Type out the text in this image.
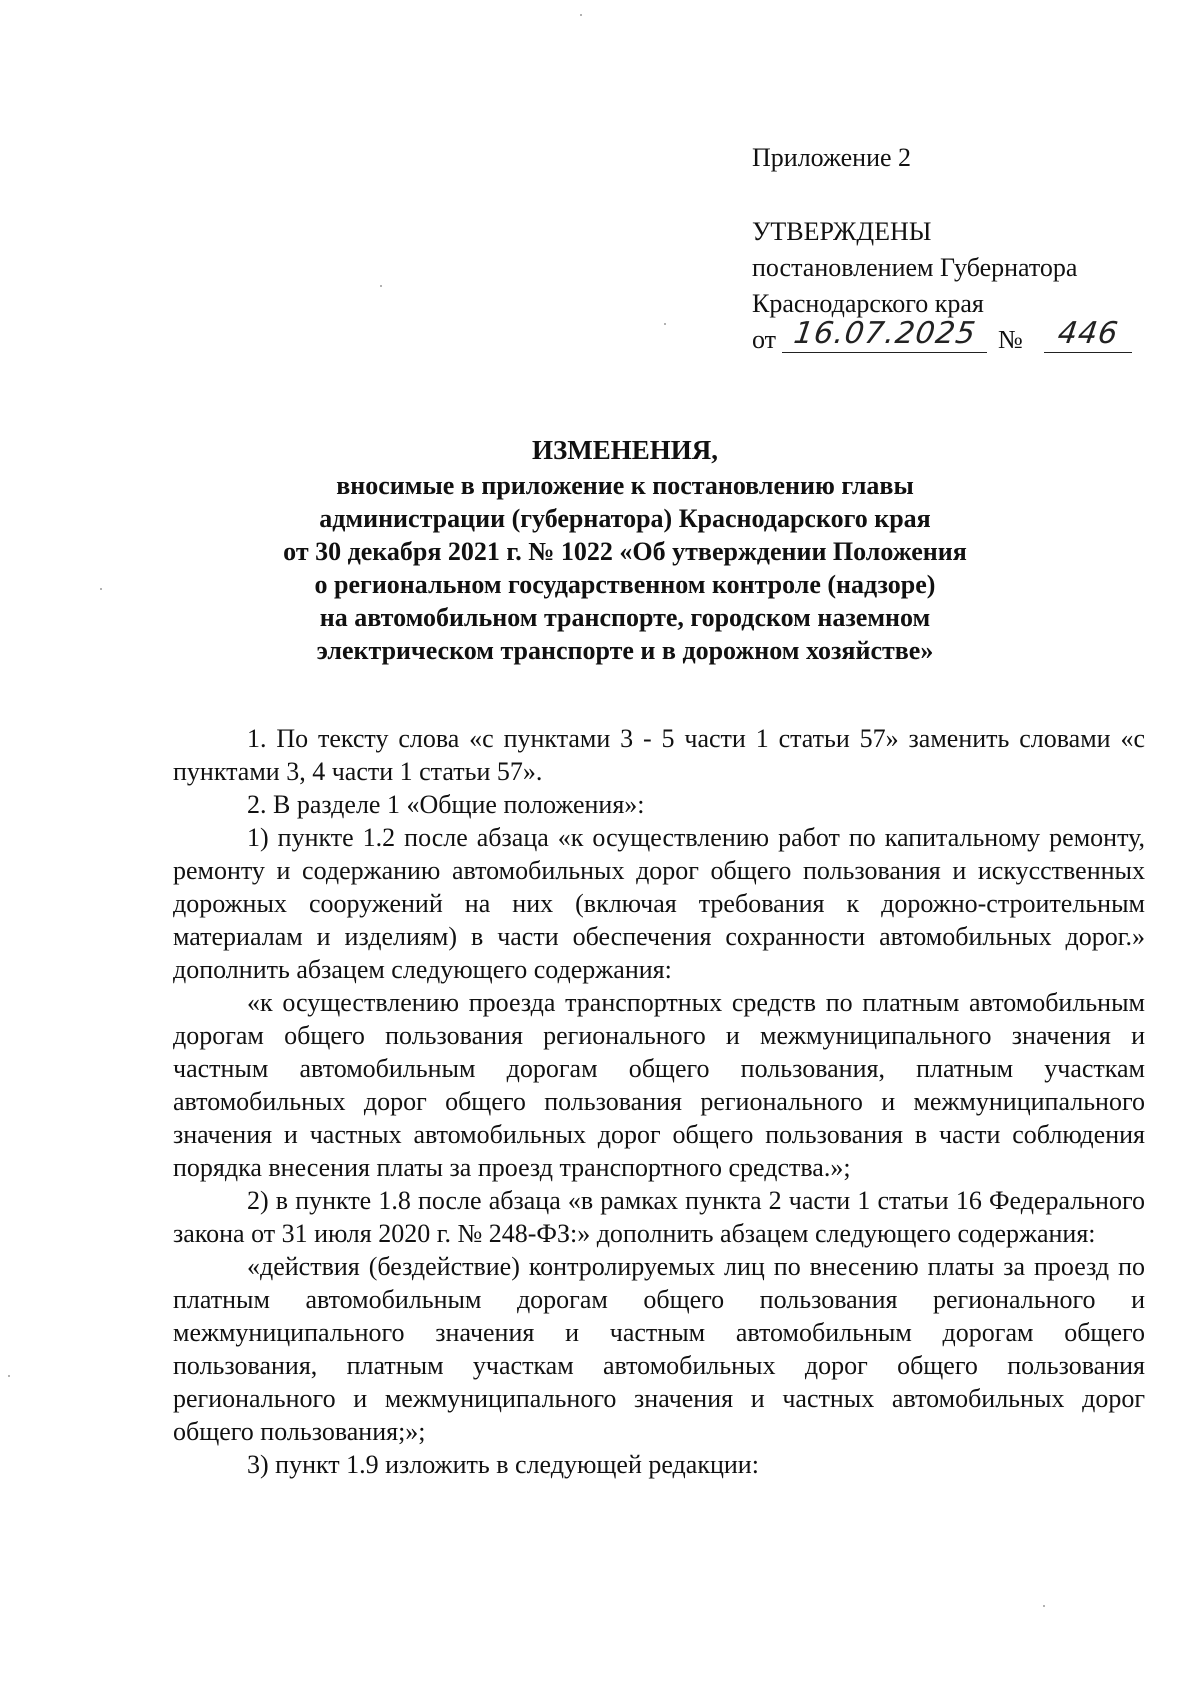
Приложение 2
УТВЕРЖДЕНЫ
постановлением Губернатора
Краснодарского края
от 16.07.2025 № 446
ИЗМЕНЕНИЯ,
вносимые в приложение к постановлению главы
администрации (губернатора) Краснодарского края
от 30 декабря 2021 г. № 1022 «Об утверждении Положения
о региональном государственном контроле (надзоре)
на автомобильном транспорте, городском наземном
электрическом транспорте и в дорожном хозяйстве»

1. По тексту слова «с пунктами 3 - 5 части 1 статьи 57» заменить словами «с пунктами 3, 4 части 1 статьи 57».

2. В разделе 1 «Общие положения»:

1) пункте 1.2 после абзаца «к осуществлению работ по капитальному ремонту, ремонту и содержанию автомобильных дорог общего пользования и искусственных дорожных сооружений на них (включая требования к дорожно-строительным материалам и изделиям) в части обеспечения сохранности автомобильных дорог.» дополнить абзацем следующего содержания:

«к осуществлению проезда транспортных средств по платным автомобильным дорогам общего пользования регионального и межмуниципального значения и частным автомобильным дорогам общего пользования, платным участкам автомобильных дорог общего пользования регионального и межмуниципального значения и частных автомобильных дорог общего пользования в части соблюдения порядка внесения платы за проезд транспортного средства.»;

2) в пункте 1.8 после абзаца «в рамках пункта 2 части 1 статьи 16 Федерального закона от 31 июля 2020 г. № 248-ФЗ:» дополнить абзацем следующего содержания:

«действия (бездействие) контролируемых лиц по внесению платы за проезд по платным автомобильным дорогам общего пользования регионального и межмуниципального значения и частным автомобильным дорогам общего пользования, платным участкам автомобильных дорог общего пользования регионального и межмуниципального значения и частных автомобильных дорог общего пользования;»;

3) пункт 1.9 изложить в следующей редакции:
